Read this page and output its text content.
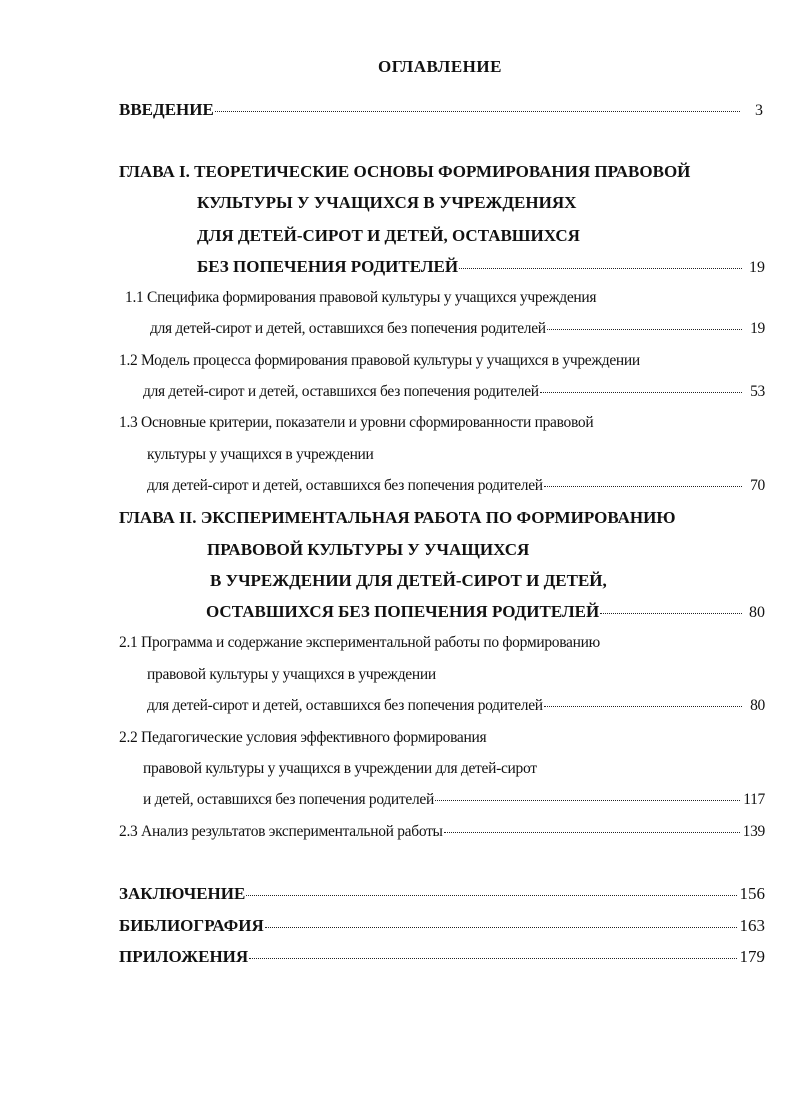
ОГЛАВЛЕНИЕ
ВВЕДЕНИЕ	3
ГЛАВА I. ТЕОРЕТИЧЕСКИЕ ОСНОВЫ ФОРМИРОВАНИЯ ПРАВОВОЙ
КУЛЬТУРЫ У УЧАЩИХСЯ В УЧРЕЖДЕНИЯХ
ДЛЯ ДЕТЕЙ-СИРОТ И ДЕТЕЙ, ОСТАВШИХСЯ
БЕЗ ПОПЕЧЕНИЯ РОДИТЕЛЕЙ	19
1.1 Специфика формирования правовой культуры у учащихся учреждения
для детей-сирот и детей, оставшихся без попечения родителей	19
1.2 Модель процесса формирования правовой культуры у учащихся в учреждении
для детей-сирот и детей, оставшихся без попечения родителей	53
1.3 Основные критерии, показатели и уровни сформированности правовой
культуры у учащихся в учреждении
для детей-сирот и детей, оставшихся без попечения родителей	70
ГЛАВА II. ЭКСПЕРИМЕНТАЛЬНАЯ РАБОТА ПО ФОРМИРОВАНИЮ
ПРАВОВОЙ КУЛЬТУРЫ У УЧАЩИХСЯ
В УЧРЕЖДЕНИИ ДЛЯ ДЕТЕЙ-СИРОТ И ДЕТЕЙ,
ОСТАВШИХСЯ БЕЗ ПОПЕЧЕНИЯ РОДИТЕЛЕЙ	80
2.1 Программа и содержание экспериментальной работы по формированию
правовой культуры у учащихся в учреждении
для детей-сирот и детей, оставшихся без попечения родителей	80
2.2 Педагогические условия эффективного формирования
правовой культуры у учащихся в учреждении для детей-сирот
и детей, оставшихся без попечения родителей	117
2.3 Анализ результатов экспериментальной работы	139
ЗАКЛЮЧЕНИЕ	156
БИБЛИОГРАФИЯ	163
ПРИЛОЖЕНИЯ	179
